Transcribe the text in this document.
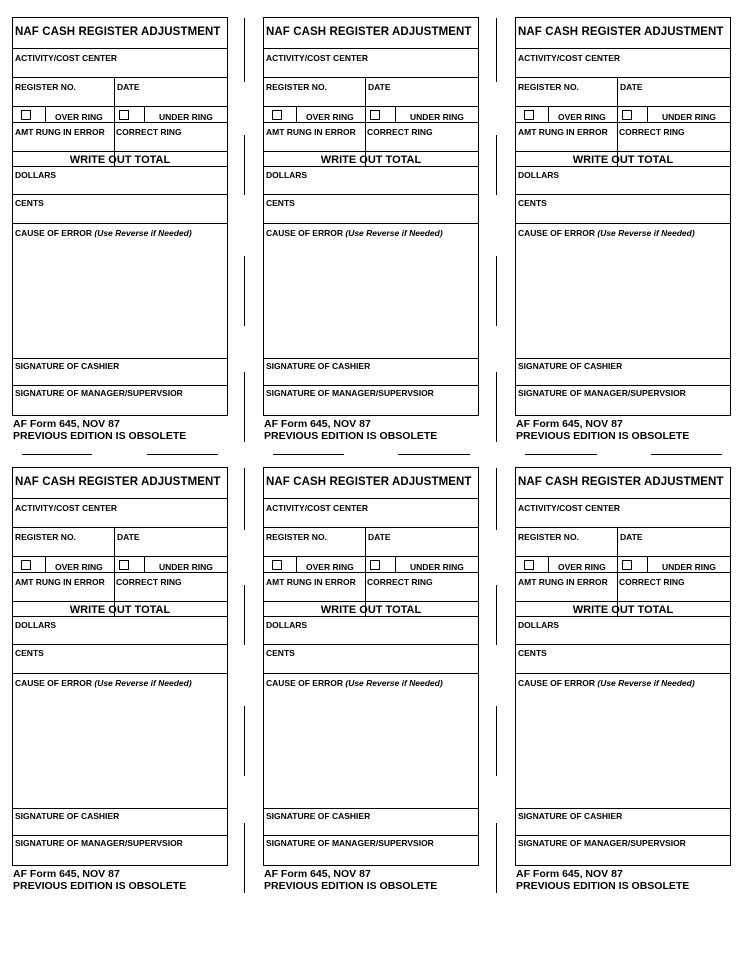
NAF CASH REGISTER ADJUSTMENT
ACTIVITY/COST CENTER
REGISTER NO.	DATE
OVER RING	UNDER RING
AMT RUNG IN ERROR CORRECT RING
WRITE OUT TOTAL
DOLLARS
CENTS
CAUSE OF ERROR (Use Reverse if Needed)
SIGNATURE OF CASHIER
SIGNATURE OF MANAGER/SUPERVSIOR
AF Form 645, NOV 87
PREVIOUS EDITION IS OBSOLETE
NAF CASH REGISTER ADJUSTMENT
ACTIVITY/COST CENTER
REGISTER NO.	DATE
OVER RING	UNDER RING
AMT RUNG IN ERROR CORRECT RING
WRITE OUT TOTAL
DOLLARS
CENTS
CAUSE OF ERROR (Use Reverse if Needed)
SIGNATURE OF CASHIER
SIGNATURE OF MANAGER/SUPERVSIOR
AF Form 645, NOV 87
PREVIOUS EDITION IS OBSOLETE
NAF CASH REGISTER ADJUSTMENT
ACTIVITY/COST CENTER
REGISTER NO.	DATE
OVER RING	UNDER RING
AMT RUNG IN ERROR CORRECT RING
WRITE OUT TOTAL
DOLLARS
CENTS
CAUSE OF ERROR (Use Reverse if Needed)
SIGNATURE OF CASHIER
SIGNATURE OF MANAGER/SUPERVSIOR
AF Form 645, NOV 87
PREVIOUS EDITION IS OBSOLETE
NAF CASH REGISTER ADJUSTMENT
ACTIVITY/COST CENTER
REGISTER NO.	DATE
OVER RING	UNDER RING
AMT RUNG IN ERROR CORRECT RING
WRITE OUT TOTAL
DOLLARS
CENTS
CAUSE OF ERROR (Use Reverse if Needed)
SIGNATURE OF CASHIER
SIGNATURE OF MANAGER/SUPERVSIOR
AF Form 645, NOV 87
PREVIOUS EDITION IS OBSOLETE
NAF CASH REGISTER ADJUSTMENT
ACTIVITY/COST CENTER
REGISTER NO.	DATE
OVER RING	UNDER RING
AMT RUNG IN ERROR CORRECT RING
WRITE OUT TOTAL
DOLLARS
CENTS
CAUSE OF ERROR (Use Reverse if Needed)
SIGNATURE OF CASHIER
SIGNATURE OF MANAGER/SUPERVSIOR
AF Form 645, NOV 87
PREVIOUS EDITION IS OBSOLETE
NAF CASH REGISTER ADJUSTMENT
ACTIVITY/COST CENTER
REGISTER NO.	DATE
OVER RING	UNDER RING
AMT RUNG IN ERROR CORRECT RING
WRITE OUT TOTAL
DOLLARS
CENTS
CAUSE OF ERROR (Use Reverse if Needed)
SIGNATURE OF CASHIER
SIGNATURE OF MANAGER/SUPERVSIOR
AF Form 645, NOV 87
PREVIOUS EDITION IS OBSOLETE
